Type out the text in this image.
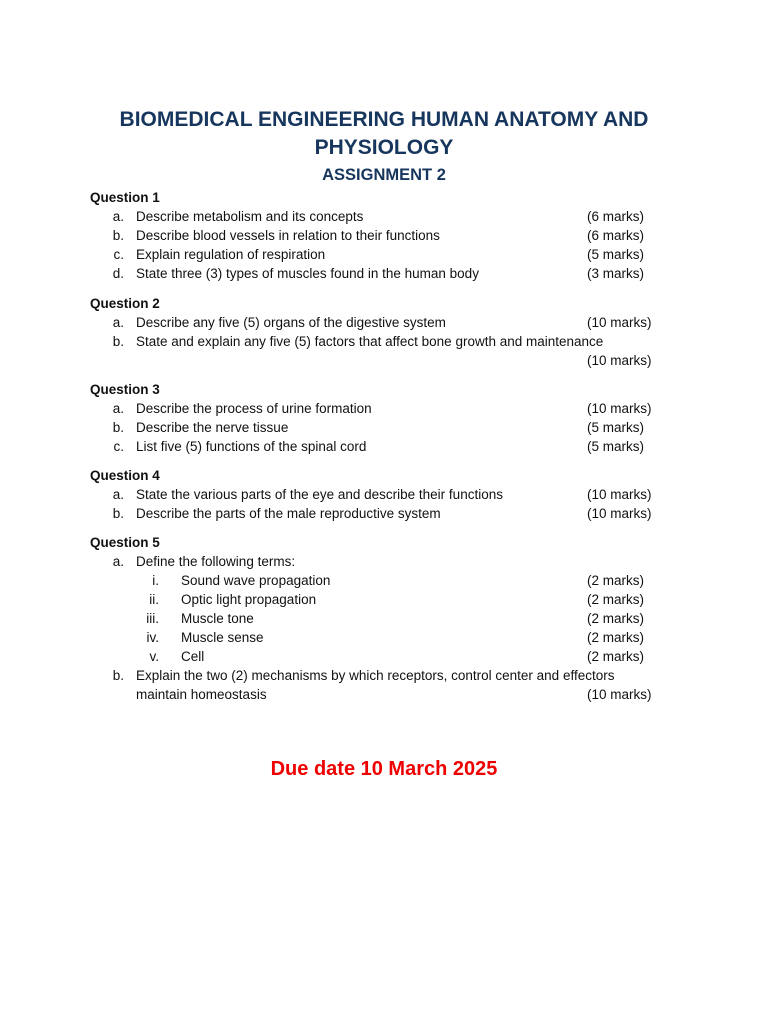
BIOMEDICAL ENGINEERING HUMAN ANATOMY AND
PHYSIOLOGY
ASSIGNMENT 2
Question 1
a. Describe metabolism and its concepts	(6 marks)
b. Describe blood vessels in relation to their functions	(6 marks)
c. Explain regulation of respiration	(5 marks)
d. State three (3) types of muscles found in the human body	(3 marks)
Question 2
a. Describe any five (5) organs of the digestive system	(10 marks)
b. State and explain any five (5) factors that affect bone growth and maintenance
(10 marks)
Question 3
a. Describe the process of urine formation	(10 marks)
b. Describe the nerve tissue	(5 marks)
c. List five (5) functions of the spinal cord	(5 marks)
Question 4
a. State the various parts of the eye and describe their functions	(10 marks)
b. Describe the parts of the male reproductive system	(10 marks)
Question 5
a. Define the following terms:
i. Sound wave propagation	(2 marks)
ii. Optic light propagation	(2 marks)
iii. Muscle tone	(2 marks)
iv. Muscle sense	(2 marks)
v. Cell	(2 marks)
b. Explain the two (2) mechanisms by which receptors, control center and effectors
maintain homeostasis	(10 marks)
Due date 10 March 2025
